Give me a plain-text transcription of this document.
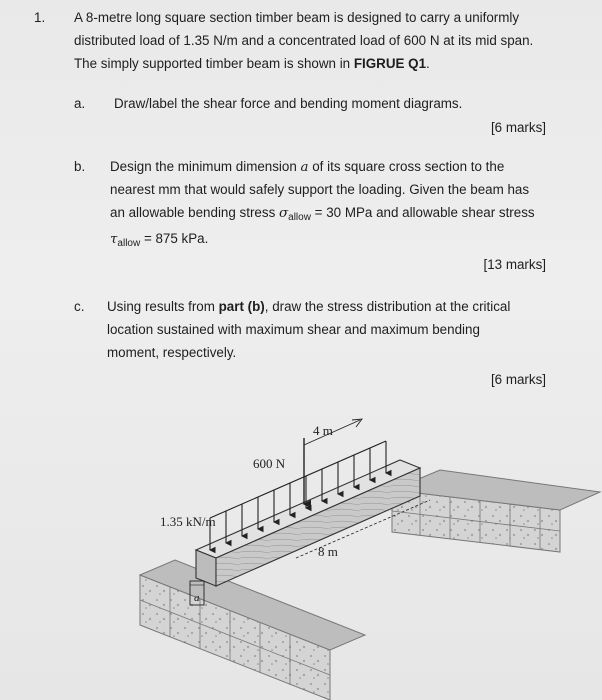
1. A 8-metre long square section timber beam is designed to carry a uniformly
distributed load of 1.35 N/m and a concentrated load of 600 N at its mid span.
The simply supported timber beam is shown in FIGRUE Q1.
a. Draw/label the shear force and bending moment diagrams.
[6 marks]
b. Design the minimum dimension a of its square cross section to the
nearest mm that would safely support the loading. Given the beam has
an allowable bending stress $\sigma_{allow} = 30$ MPa and allowable shear stress
$\tau_{allow} = 875$ kPa.
[13 marks]
c. Using results from part (b), draw the stress distribution at the critical
location sustained with maximum shear and maximum bending
moment, respectively.
[6 marks]
4 m
600 N
1.35 kN/m
8 m
a
